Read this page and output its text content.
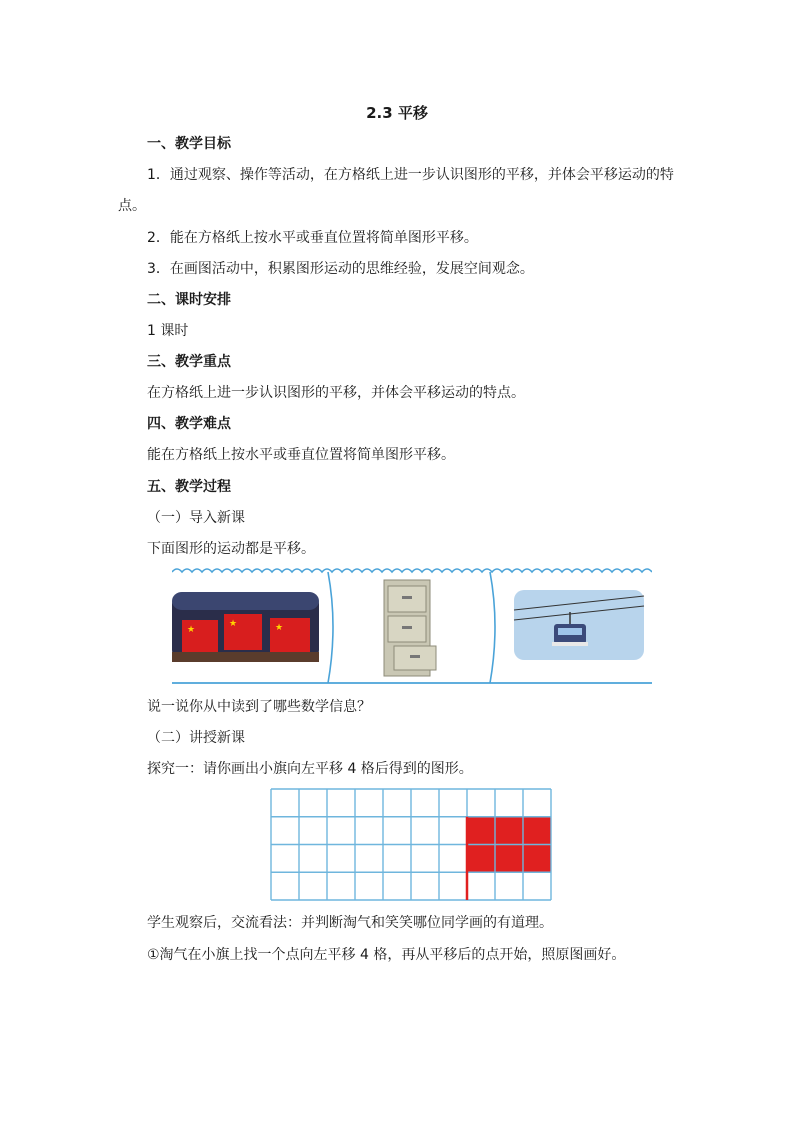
2.3 平移
一、教学目标
1．通过观察、操作等活动，在方格纸上进一步认识图形的平移，并体会平移运动的特
点。
2．能在方格纸上按水平或垂直位置将简单图形平移。
3．在画图活动中，积累图形运动的思维经验，发展空间观念。
二、课时安排
1 课时
三、教学重点
在方格纸上进一步认识图形的平移，并体会平移运动的特点。
四、教学难点
能在方格纸上按水平或垂直位置将简单图形平移。
五、教学过程
（一）导入新课
下面图形的运动都是平移。
★
★	★
说一说你从中读到了哪些数学信息？
（二）讲授新课
探究一：请你画出小旗向左平移 4 格后得到的图形。
学生观察后，交流看法：并判断淘气和笑笑哪位同学画的有道理。
①淘气在小旗上找一个点向左平移 4 格，再从平移后的点开始，照原图画好。
